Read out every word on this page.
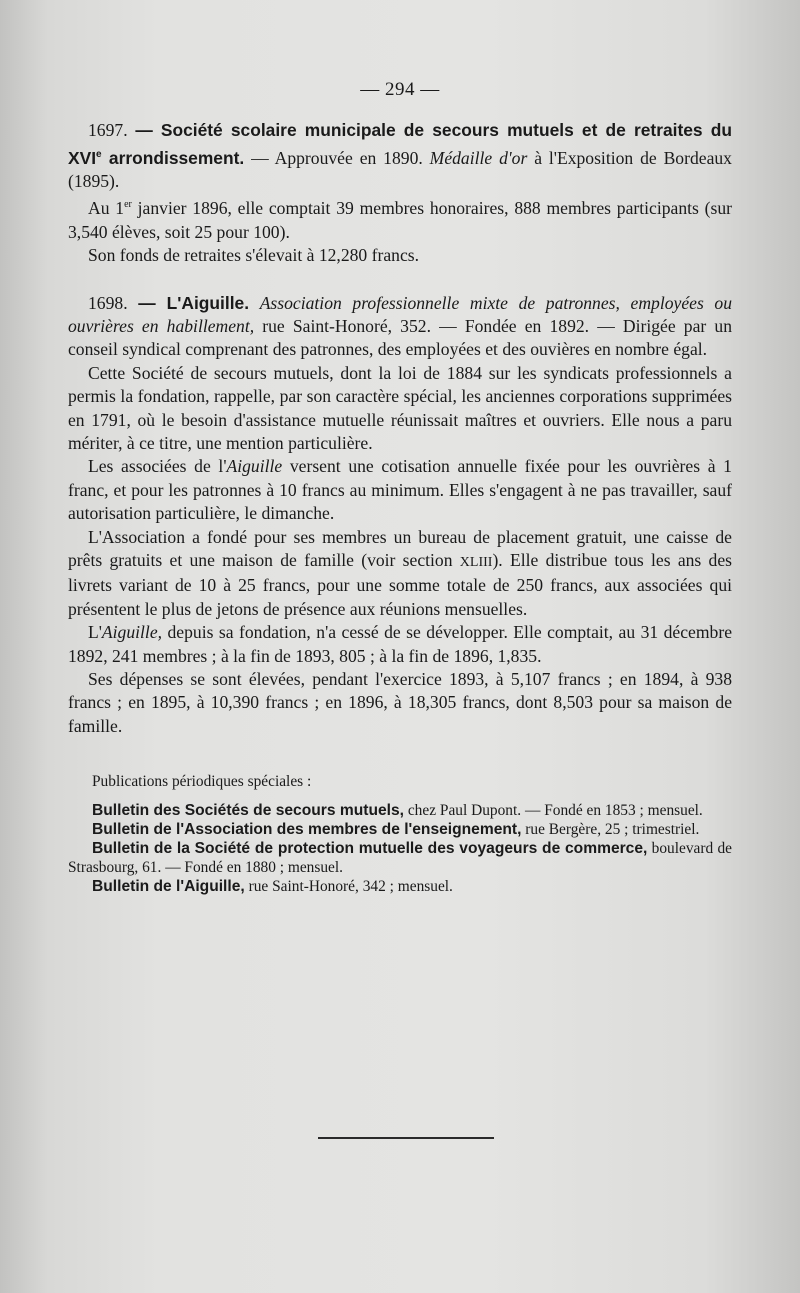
— 294 —

1697. — Société scolaire municipale de secours mutuels et de retraites du XVIe arrondissement. — Approuvée en 1890. Médaille d'or à l'Exposition de Bordeaux (1895).

Au 1er janvier 1896, elle comptait 39 membres honoraires, 888 membres participants (sur 3,540 élèves, soit 25 pour 100).

Son fonds de retraites s'élevait à 12,280 francs.

1698. — L'Aiguille. Association professionnelle mixte de patronnes, employées ou ouvrières en habillement, rue Saint-Honoré, 352. — Fondée en 1892. — Dirigée par un conseil syndical comprenant des patronnes, des employées et des ouvières en nombre égal.

Cette Société de secours mutuels, dont la loi de 1884 sur les syndicats professionnels a permis la fondation, rappelle, par son caractère spécial, les anciennes corporations supprimées en 1791, où le besoin d'assistance mutuelle réunissait maîtres et ouvriers. Elle nous a paru mériter, à ce titre, une mention particulière.

Les associées de l'Aiguille versent une cotisation annuelle fixée pour les ouvrières à 1 franc, et pour les patronnes à 10 francs au minimum. Elles s'engagent à ne pas travailler, sauf autorisation particulière, le dimanche.

L'Association a fondé pour ses membres un bureau de placement gratuit, une caisse de prêts gratuits et une maison de famille (voir section XLIII). Elle distribue tous les ans des livrets variant de 10 à 25 francs, pour une somme totale de 250 francs, aux associées qui présentent le plus de jetons de présence aux réunions mensuelles.

L'Aiguille, depuis sa fondation, n'a cessé de se développer. Elle comptait, au 31 décembre 1892, 241 membres ; à la fin de 1893, 805 ; à la fin de 1896, 1,835.

Ses dépenses se sont élevées, pendant l'exercice 1893, à 5,107 francs ; en 1894, à 938 francs ; en 1895, à 10,390 francs ; en 1896, à 18,305 francs, dont 8,503 pour sa maison de famille.

Publications périodiques spéciales :

Bulletin des Sociétés de secours mutuels, chez Paul Dupont. — Fondé en 1853 ; mensuel.

Bulletin de l'Association des membres de l'enseignement, rue Bergère, 25 ; trimestriel.

Bulletin de la Société de protection mutuelle des voyageurs de commerce, boulevard de Strasbourg, 61. — Fondé en 1880 ; mensuel.

Bulletin de l'Aiguille, rue Saint-Honoré, 342 ; mensuel.
